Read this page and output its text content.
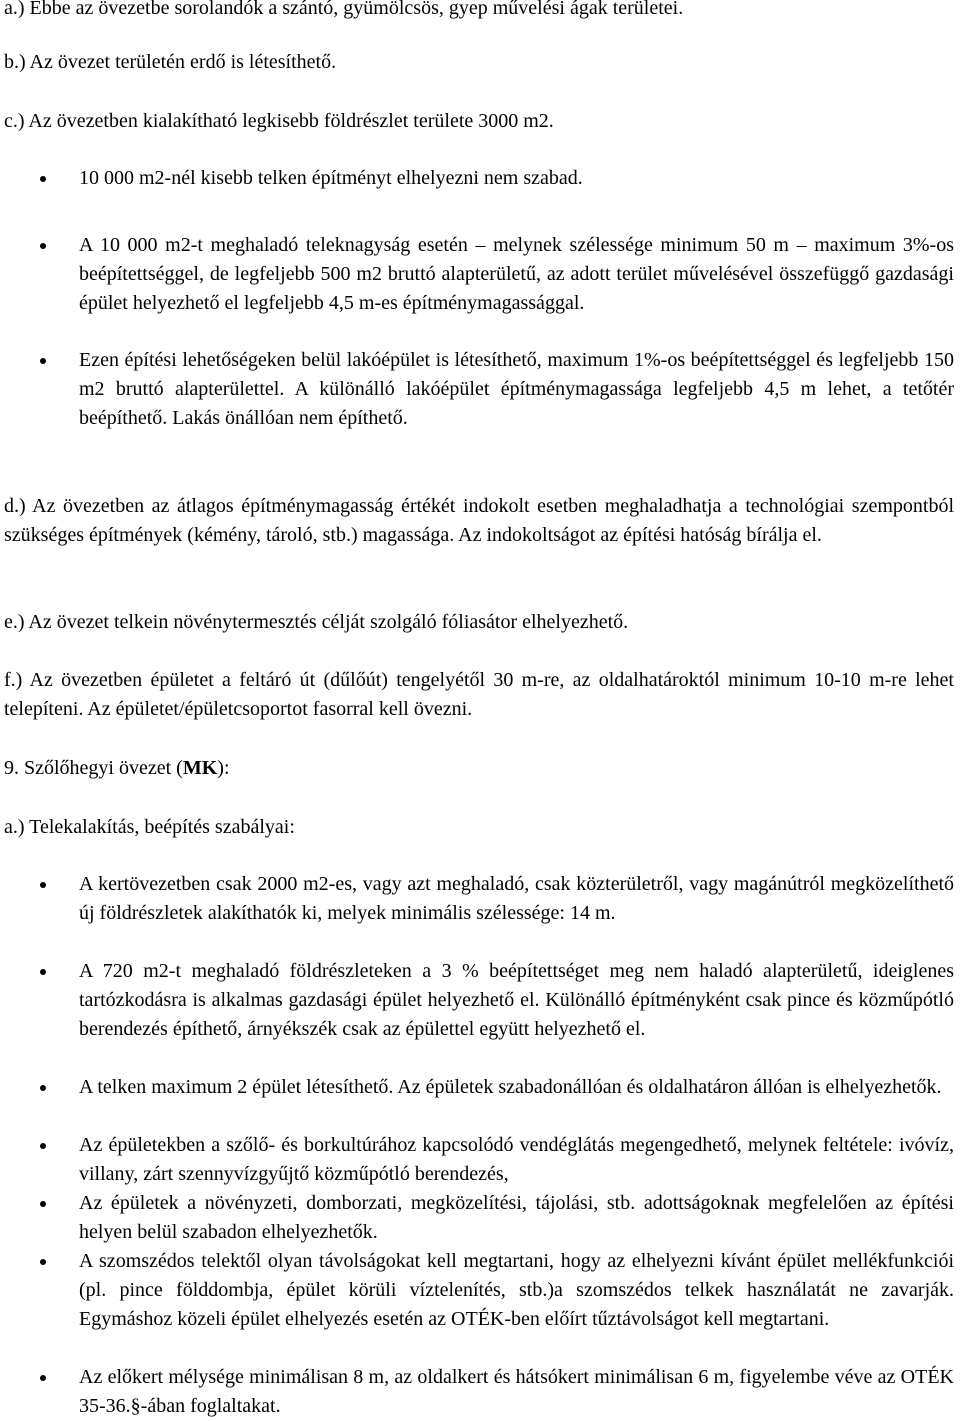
a.) Ebbe az övezetbe sorolandók a szántó, gyümölcsös, gyep művelési ágak területei.

b.) Az övezet területén erdő is létesíthető.

c.) Az övezetben kialakítható legkisebb földrészlet területe 3000 m2.

10 000 m2-nél kisebb telken építményt elhelyezni nem szabad.
A 10 000 m2-t meghaladó teleknagyság esetén – melynek szélessége minimum 50 m – maximum 3%-os beépítettséggel, de legfeljebb 500 m2 bruttó alapterületű, az adott terület művelésével összefüggő gazdasági épület helyezhető el legfeljebb 4,5 m-es építménymagassággal.
Ezen építési lehetőségeken belül lakóépület is létesíthető, maximum 1%-os beépítettséggel és legfeljebb 150 m2 bruttó alapterülettel. A különálló lakóépület építménymagassága legfeljebb 4,5 m lehet, a tetőtér beépíthető. Lakás önállóan nem építhető.

d.) Az övezetben az átlagos építménymagasság értékét indokolt esetben meghaladhatja a technológiai szempontból szükséges építmények (kémény, tároló, stb.) magassága. Az indokoltságot az építési hatóság bírálja el.

e.) Az övezet telkein növénytermesztés célját szolgáló fóliasátor elhelyezhető.

f.) Az övezetben épületet a feltáró út (dűlőút) tengelyétől 30 m-re, az oldalhatároktól minimum 10-10 m-re lehet telepíteni. Az épületet/épületcsoportot fasorral kell övezni.

9. Szőlőhegyi övezet (MK):

a.) Telekalakítás, beépítés szabályai:

A kertövezetben csak 2000 m2-es, vagy azt meghaladó, csak közterületről, vagy magánútról megközelíthető új földrészletek alakíthatók ki, melyek minimális szélessége: 14 m.
A 720 m2-t meghaladó földrészleteken a 3 % beépítettséget meg nem haladó alapterületű, ideiglenes tartózkodásra is alkalmas gazdasági épület helyezhető el. Különálló építményként csak pince és közműpótló berendezés építhető, árnyékszék csak az épülettel együtt helyezhető el.
A telken maximum 2 épület létesíthető. Az épületek szabadonállóan és oldalhatáron állóan is elhelyezhetők.
Az épületekben a szőlő- és borkultúrához kapcsolódó vendéglátás megengedhető, melynek feltétele: ivóvíz, villany, zárt szennyvízgyűjtő közműpótló berendezés,
Az épületek a növényzeti, domborzati, megközelítési, tájolási, stb. adottságoknak megfelelően az építési helyen belül szabadon elhelyezhetők.
A szomszédos telektől olyan távolságokat kell megtartani, hogy az elhelyezni kívánt épület mellékfunkciói (pl. pince földdombja, épület körüli víztelenítés, stb.)a szomszédos telkek használatát ne zavarják. Egymáshoz közeli épület elhelyezés esetén az OTÉK-ben előírt tűztávolságot kell megtartani.
Az előkert mélysége minimálisan 8 m, az oldalkert és hátsókert minimálisan 6 m, figyelembe véve az OTÉK 35-36.§-ában foglaltakat.
